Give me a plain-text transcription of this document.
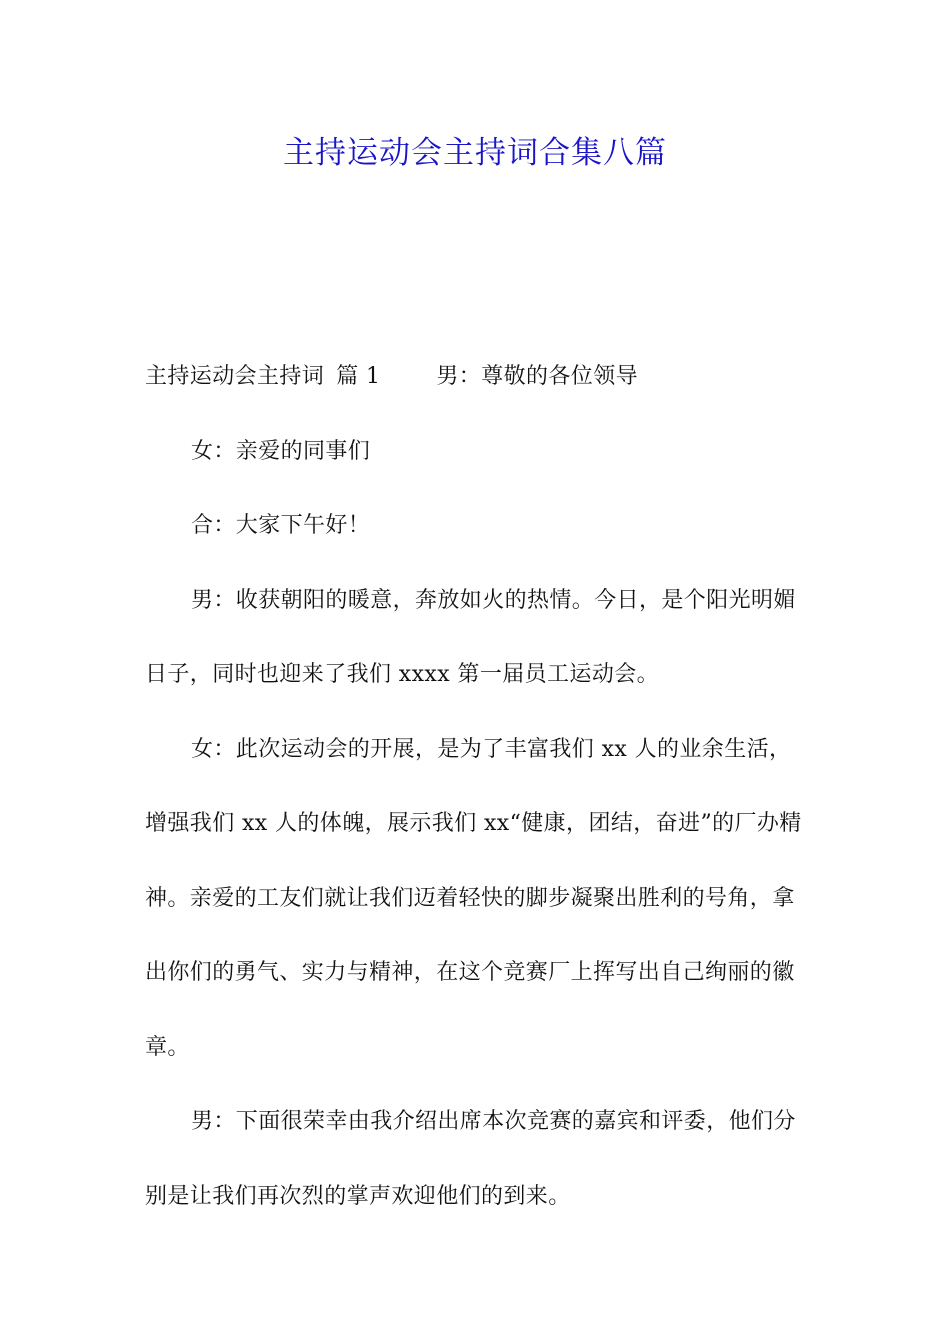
主持运动会主持词合集八篇

主持运动会主持词 篇 1	男：尊敬的各位领导

女：亲爱的同事们

合：大家下午好！

男：收获朝阳的暖意，奔放如火的热情。今日，是个阳光明媚日子，同时也迎来了我们 xxxx 第一届员工运动会。

女：此次运动会的开展，是为了丰富我们 xx 人的业余生活，增强我们 xx 人的体魄，展示我们 xx“健康，团结，奋进”的厂办精神。亲爱的工友们就让我们迈着轻快的脚步凝聚出胜利的号角，拿出你们的勇气、实力与精神，在这个竞赛厂上挥写出自己绚丽的徽章。

男：下面很荣幸由我介绍出席本次竞赛的嘉宾和评委，他们分别是让我们再次烈的掌声欢迎他们的到来。
